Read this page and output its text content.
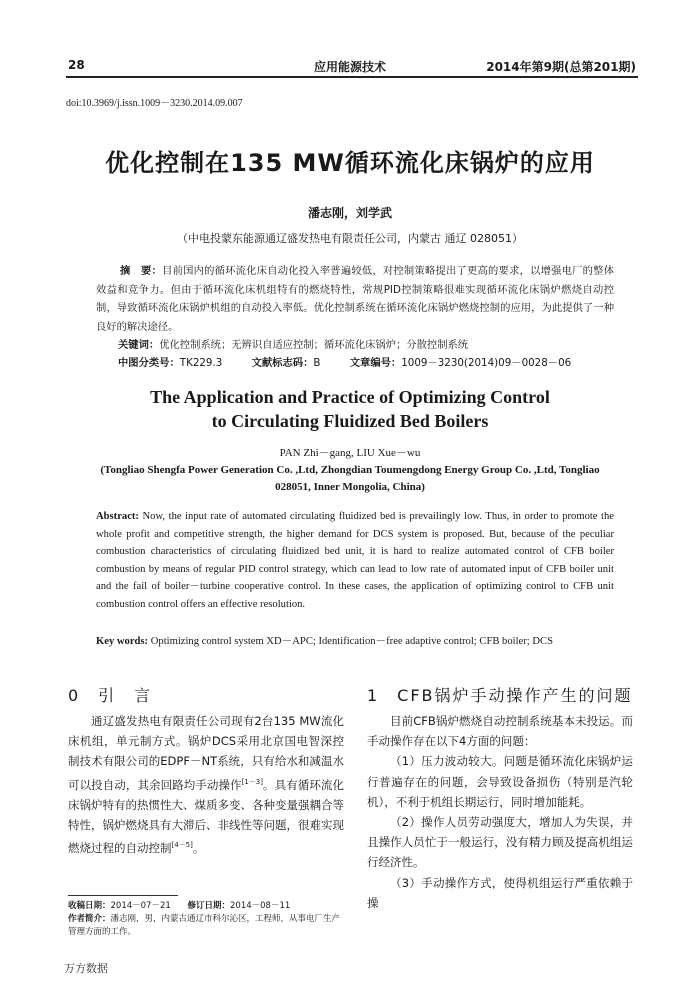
28	应用能源技术	2014年第9期(总第201期)
doi:10.3969/j.issn.1009－3230.2014.09.007
优化控制在135 MW循环流化床锅炉的应用
潘志刚，刘学武
（中电投蒙东能源通辽盛发热电有限责任公司，内蒙古 通辽 028051）
摘　要：目前国内的循环流化床自动化投入率普遍较低，对控制策略提出了更高的要求，以增强电厂的整体效益和竞争力。但由于循环流化床机组特有的燃烧特性，常规PID控制策略很难实现循环流化床锅炉燃烧自动控制，导致循环流化床锅炉机组的自动投入率低。优化控制系统在循环流化床锅炉燃烧控制的应用，为此提供了一种良好的解决途径。
关键词：优化控制系统；无辨识自适应控制；循环流化床锅炉；分散控制系统
中图分类号：TK229.3	文献标志码：B	文章编号：1009－3230(2014)09－0028－06
The Application and Practice of Optimizing Control
to Circulating Fluidized Bed Boilers
PAN Zhi－gang, LIU Xue－wu
(Tongliao Shengfa Power Generation Co. ,Ltd, Zhongdian Toumengdong Energy Group Co. ,Ltd, Tongliao 028051, Inner Mongolia, China)
Abstract: Now, the input rate of automated circulating fluidized bed is prevailingly low. Thus, in order to promote the whole profit and competitive strength, the higher demand for DCS system is proposed. But, because of the peculiar combustion characteristics of circulating fluidized bed unit, it is hard to realize automated control of CFB boiler combustion by means of regular PID control strategy, which can lead to low rate of automated input of CFB boiler unit and the fail of boiler－turbine cooperative control. In these cases, the application of optimizing control to CFB unit combustion control offers an effective resolution.
Key words: Optimizing control system XD－APC; Identification－free adaptive control; CFB boiler; DCS
0　引　言

通辽盛发热电有限责任公司现有2台135 MW流化床机组，单元制方式。锅炉DCS采用北京国电智深控制技术有限公司的EDPF－NT系统，只有给水和减温水可以投自动，其余回路均手动操作[1－3]。具有循环流化床锅炉特有的热惯性大、煤质多变、各种变量强耦合等特性，锅炉燃烧具有大滞后、非线性等问题，很难实现燃烧过程的自动控制[4－5]。

收稿日期：2014－07－21 修订日期：2014－08－11
作者简介：潘志刚，男，内蒙古通辽市科尔沁区，工程师，从事电厂生产管理方面的工作。
1　CFB锅炉手动操作产生的问题

目前CFB锅炉燃烧自动控制系统基本未投运。而手动操作存在以下4方面的问题：

（1）压力波动较大。问题是循环流化床锅炉运行普遍存在的问题，会导致设备损伤（特别是汽轮机），不利于机组长期运行，同时增加能耗。

（2）操作人员劳动强度大，增加人为失误，并且操作人员忙于一般运行，没有精力顾及提高机组运行经济性。

（3）手动操作方式，使得机组运行严重依赖于操

万方数据
